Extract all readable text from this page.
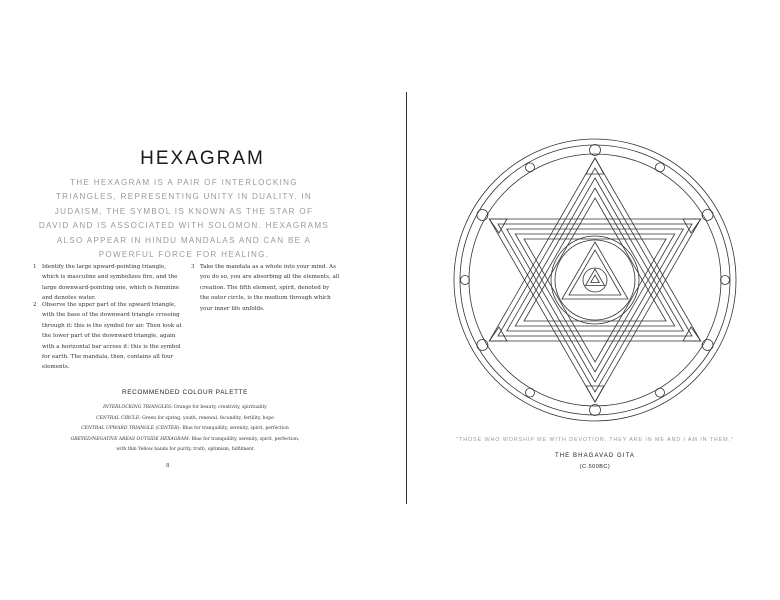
HEXAGRAM
THE HEXAGRAM IS A PAIR OF INTERLOCKING TRIANGLES, REPRESENTING UNITY IN DUALITY. IN JUDAISM, THE SYMBOL IS KNOWN AS THE STAR OF DAVID AND IS ASSOCIATED WITH SOLOMON. HEXAGRAMS ALSO APPEAR IN HINDU MANDALAS AND CAN BE A POWERFUL FORCE FOR HEALING.
1 Identify the large upward-pointing triangle, which is masculine and symbolizes fire, and the large downward-pointing one, which is feminine and denotes water.
2 Observe the upper part of the upward triangle, with the base of the downward triangle crossing through it: this is the symbol for air. Then look at the lower part of the downward triangle, again with a horizontal bar across it: this is the symbol for earth. The mandala, then, contains all four elements.
3 Take the mandala as a whole into your mind. As you do so, you are absorbing all the elements, all creation. The fifth element, spirit, denoted by the outer circle, is the medium through which your inner life unfolds.
RECOMMENDED COLOUR PALETTE
INTERLOCKING TRIANGLES: Orange for beauty, creativity, spirituality
CENTRAL CIRCLE: Green for spring, youth, renewal, fecundity, fertility, hope
CENTRAL UPWARD TRIANGLE (CENTER): Blue for tranquillity, serenity, spirit, perfection
GREYED/NEGATIVE AREAS OUTSIDE HEXAGRAM: Blue for tranquillity, serenity, spirit, perfection,
with thin Yellow bands for purity, truth, optimism, fulfilment
8
"THOSE WHO WORSHIP ME WITH DEVOTION, THEY ARE IN ME AND I AM IN THEM."
THE BHAGAVAD GITA
(C.500BC)
